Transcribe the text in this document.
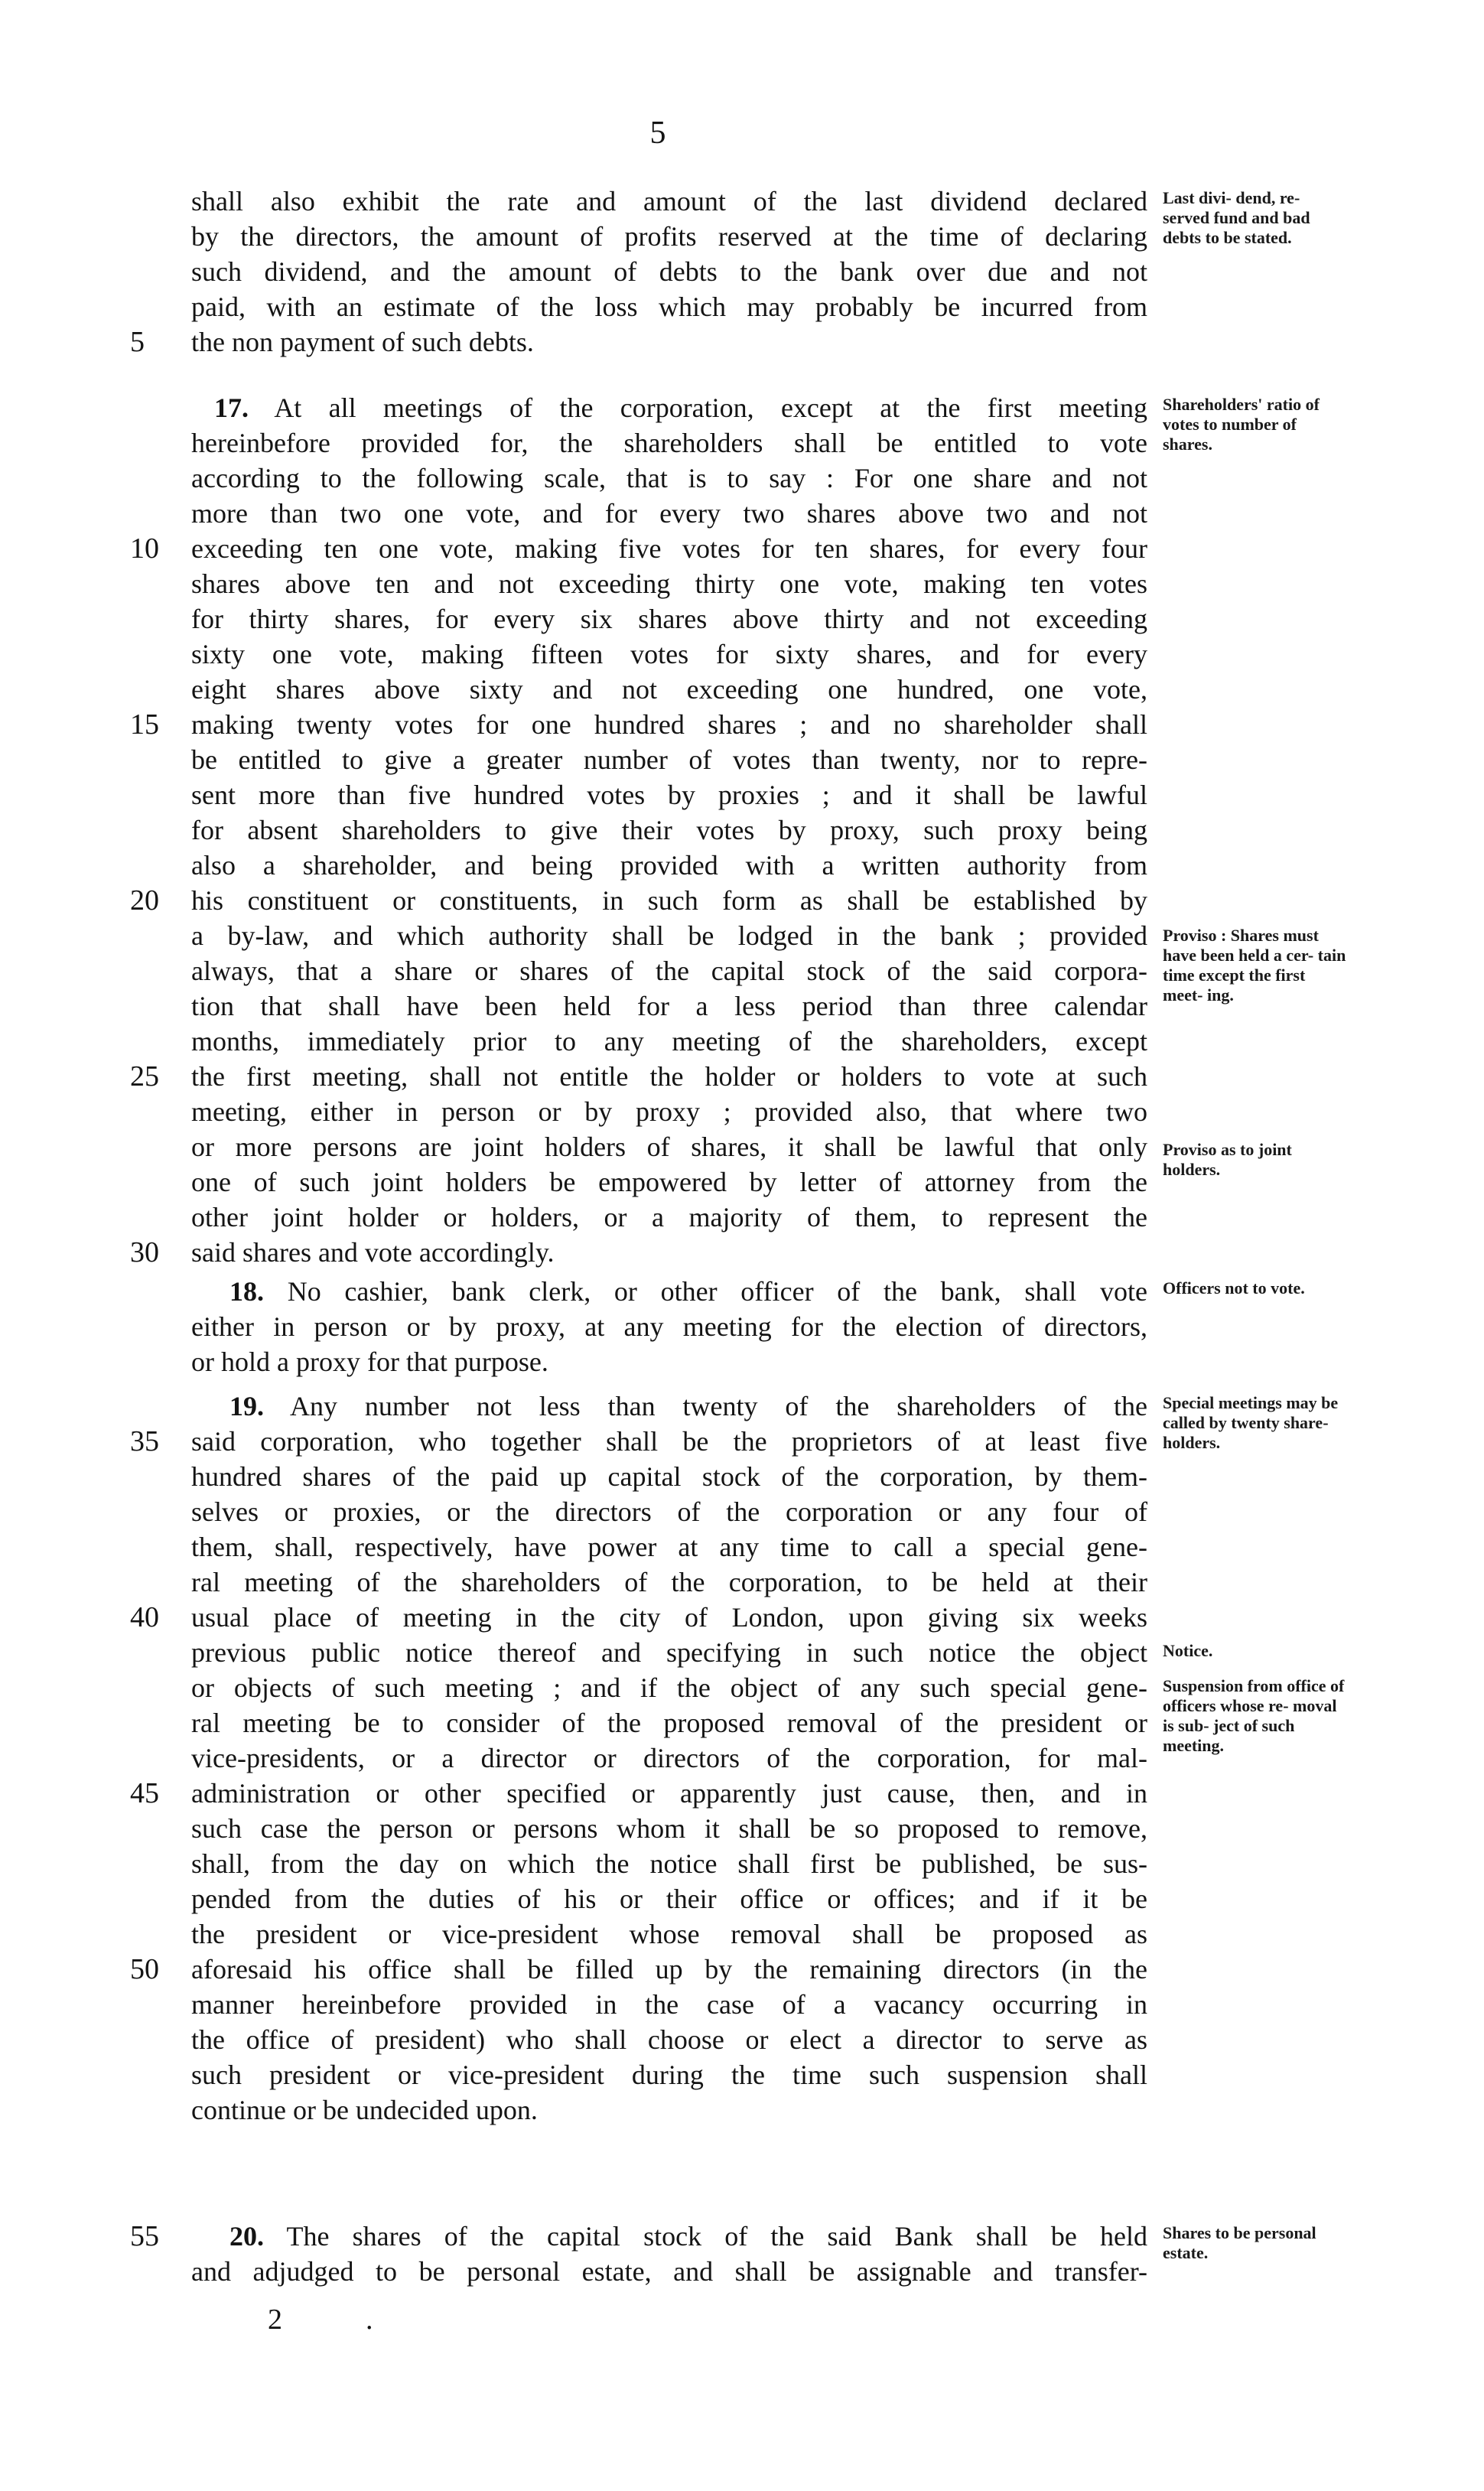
5
shall also exhibit the rate and amount of the last dividend declared
by the directors, the amount of profits reserved at the time of declaring
such dividend, and the amount of debts to the bank over due and not
paid, with an estimate of the loss which may probably be incurred from
5	the non payment of such debts.
Last divi- dend, re- served fund and bad debts to be stated.
17. At all meetings of the corporation, except at the first meeting
hereinbefore provided for, the shareholders shall be entitled to vote
according to the following scale, that is to say : For one share and not
more than two one vote, and for every two shares above two and not
10	exceeding ten one vote, making five votes for ten shares, for every four
shares above ten and not exceeding thirty one vote, making ten votes
for thirty shares, for every six shares above thirty and not exceeding
sixty one vote, making fifteen votes for sixty shares, and for every
eight shares above sixty and not exceeding one hundred, one vote,
15	making twenty votes for one hundred shares ; and no shareholder shall
be entitled to give a greater number of votes than twenty, nor to repre-
sent more than five hundred votes by proxies ; and it shall be lawful
for absent shareholders to give their votes by proxy, such proxy being
also a shareholder, and being provided with a written authority from
20	his constituent or constituents, in such form as shall be established by
a by-law, and which authority shall be lodged in the bank ; provided
always, that a share or shares of the capital stock of the said corpora-
tion that shall have been held for a less period than three calendar
months, immediately prior to any meeting of the shareholders, except
25	the first meeting, shall not entitle the holder or holders to vote at such
meeting, either in person or by proxy ; provided also, that where two
or more persons are joint holders of shares, it shall be lawful that only
one of such joint holders be empowered by letter of attorney from the
other joint holder or holders, or a majority of them, to represent the
30	said shares and vote accordingly.
Shareholders' ratio of votes to number of shares.
Proviso : Shares must have been held a cer- tain time except the first meet- ing.
Proviso as to joint holders.
18. No cashier, bank clerk, or other officer of the bank, shall vote
either in person or by proxy, at any meeting for the election of directors,
or hold a proxy for that purpose.
Officers not to vote.
19. Any number not less than twenty of the shareholders of the
35	said corporation, who together shall be the proprietors of at least five
hundred shares of the paid up capital stock of the corporation, by them-
selves or proxies, or the directors of the corporation or any four of
them, shall, respectively, have power at any time to call a special gene-
ral meeting of the shareholders of the corporation, to be held at their
40	usual place of meeting in the city of London, upon giving six weeks
previous public notice thereof and specifying in such notice the object
or objects of such meeting ; and if the object of any such special gene-
ral meeting be to consider of the proposed removal of the president or
vice-presidents, or a director or directors of the corporation, for mal-
45	administration or other specified or apparently just cause, then, and in
such case the person or persons whom it shall be so proposed to remove,
shall, from the day on which the notice shall first be published, be sus-
pended from the duties of his or their office or offices; and if it be
the president or vice-president whose removal shall be proposed as
50	aforesaid his office shall be filled up by the remaining directors (in the
manner hereinbefore provided in the case of a vacancy occurring in
the office of president) who shall choose or elect a director to serve as
such president or vice-president during the time such suspension shall
continue or be undecided upon.
Special meetings may be called by twenty share- holders.
Notice.
Suspension from office of officers whose re- moval is sub- ject of such meeting.
55	20. The shares of the capital stock of the said Bank shall be held
and adjudged to be personal estate, and shall be assignable and transfer-
Shares to be personal estate.
2	.
